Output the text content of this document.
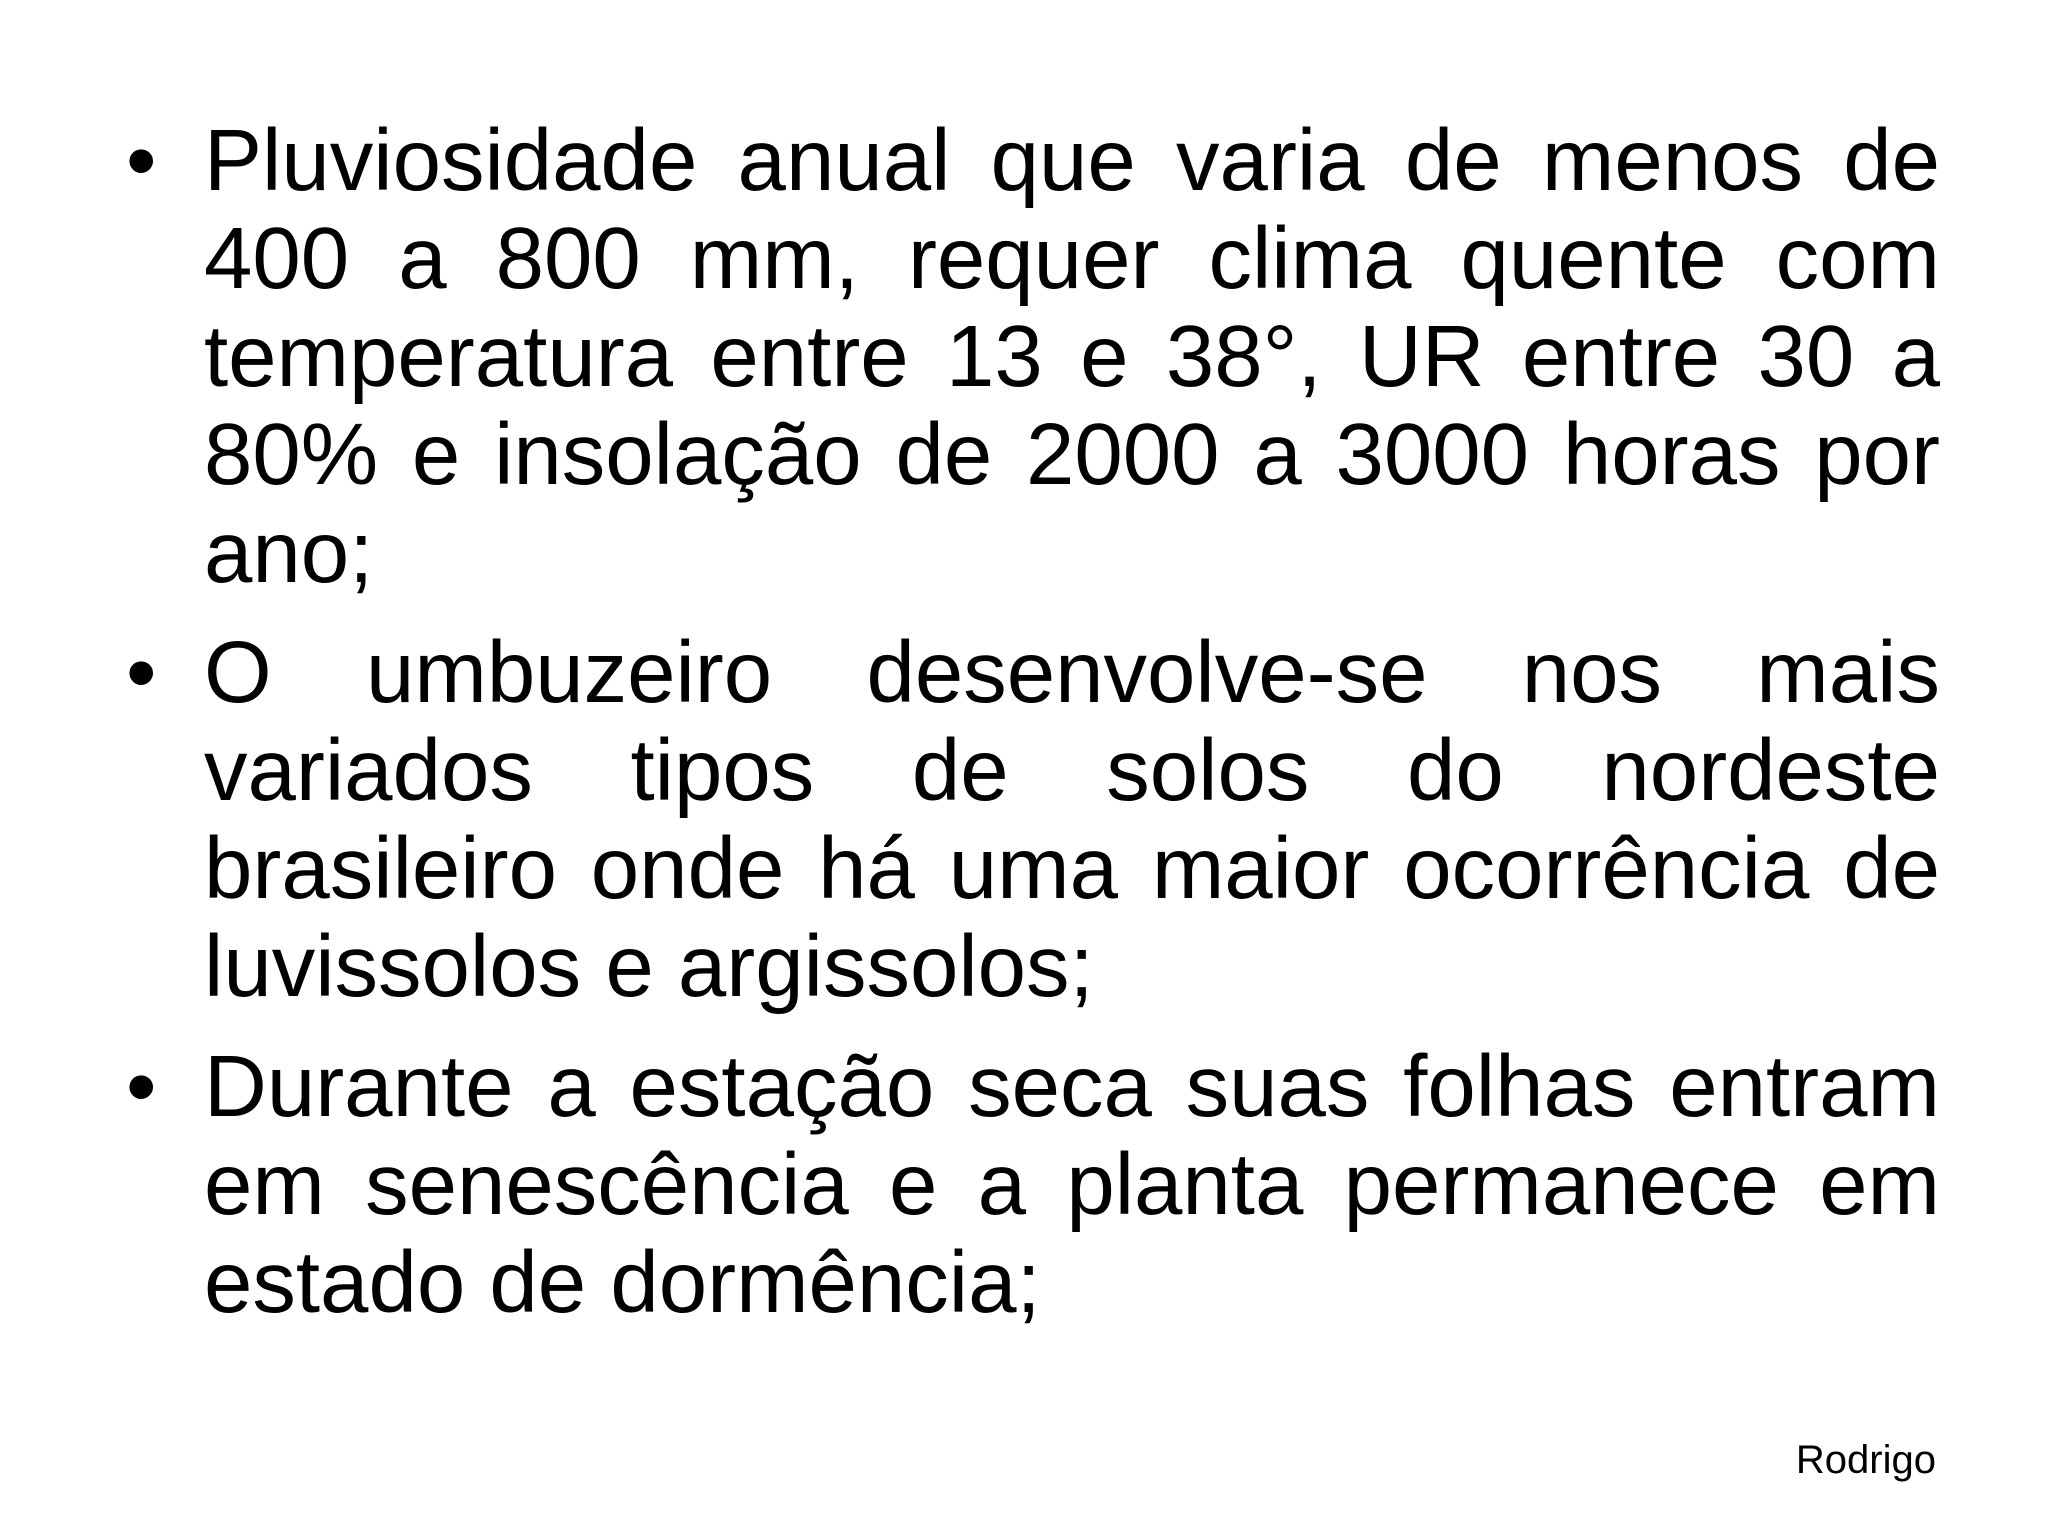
• Pluviosidade anual que varia de menos de 400 a 800 mm, requer clima quente com temperatura entre 13 e 38°, UR entre 30 a 80% e insolação de 2000 a 3000 horas por ano;
• O umbuzeiro desenvolve-se nos mais variados tipos de solos do nordeste brasileiro onde há uma maior ocorrência de luvissolos e argissolos;
• Durante a estação seca suas folhas entram em senescência e a planta permanece em estado de dormência;
Rodrigo
